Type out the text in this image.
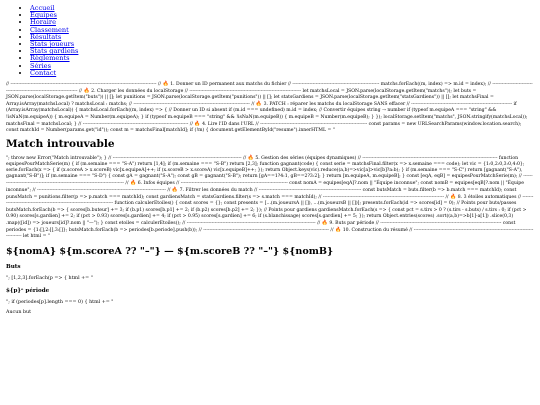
• Accueil
• Équipes
• Horaire
• Classement
• Résultats
• Stats joueurs
• Stats gardiens
• Règlements
• Séries
• Contact
// ---------------------------------------------------------------------------------------------- // 🔥 1. Donner un ID permanent aux matchs du fichier // -------------------------------------------------------- matchs.forEach((m, index) => m.id = index); // ------------------------------------------------------------------------ // 🔥 2. Charger les données du localStorage // ------------------------------------------------------------------------ let matchsLocal = JSON.parse(localStorage.getItem("matchs")); let buts = JSON.parse(localStorage.getItem("buts")) || []; let punitions = JSON.parse(localStorage.getItem("punitions")) || []; let statsGardiens = JSON.parse(localStorage.getItem("statsGardiens")) || []; let matchsFinal = Array.isArray(matchsLocal) ? matchsLocal : matchs; // --------------------------------------------------------------------------- // 🔥 3. PATCH : réparer les matchs du localStorage SANS effacer // ----------------------------------------------------------------- if (Array.isArray(matchsLocal)) { matchsLocal.forEach((m, index) => { // Donner un ID si absent if (m.id === undefined) m.id = index; // Convertir équipes string → number if (typeof m.equipeA === "string" && !isNaN(m.equipeA)) { m.equipeA = Number(m.equipeA); } if (typeof m.equipeB === "string" && !isNaN(m.equipeB)) { m.equipeB = Number(m.equipeB); } }); localStorage.setItem("matchs", JSON.stringify(matchsLocal)); matchsFinal = matchsLocal; } // -------------------------------------------------------------------- // 🔥 4. Lire l'ID dans l'URL // --------------------------------------------------------------------- const params = new URLSearchParams(window.location.search); const matchId = Number(params.get("id")); const m = matchsFinal[matchId]; if (!m) { document.getElementById("resume").innerHTML = "
Match introuvable
"; throw new Error("Match introuvable"); } // ----------------------------------------------------------------------------------- // 🔥 5. Gestion des séries (équipes dynamiques) // --------------------------------------------------------------------------------------- function equipesPourMatchSerie(m) { if (m.semaine === "S-A") return [1,4]; if (m.semaine === "S-B") return [2,3]; function gagnant(code) { const serie = matchsFinal.filter(x => x.semaine === code); let vic = {1:0,2:0,3:0,4:0}; serie.forEach(x => { if (x.scoreA > x.scoreB) vic[x.equipeA]++; if (x.scoreB > x.scoreA) vic[x.equipeB]++; }); return Object.keys(vic).reduce((a,b)=>vic[a]>vic[b]?a:b); } if (m.semaine === "S-C") return [gagnant("S-A"), gagnant("S-B")]; if (m.semaine === "S-D") { const gA = gagnant("S-A"); const gB = gagnant("S-B"); return [gA==1?4:1, gB==2?3:2]; } return [m.equipeA, m.equipeB]; } const [eqA, eqB] = equipesPourMatchSerie(m); // ---------------------------------------------------------------------------------- // 🔥 6. Infos équipes // --------------------------------------------------------------------- const nomA = equipes[eqA]?.nom || "Équipe inconnue"; const nomB = equipes[eqB]?.nom || "Équipe inconnue"; // ----------------------------------------------------------------------------------- // 🔥 7. Filtrer les données du match // ------------------------------------------------------------------ const butsMatch = buts.filter(b => b.match === matchId); const punsMatch = punitions.filter(p => p.match === matchId); const gardiensMatch = statsGardiens.filter(s => s.match === matchId); // ------------------------------------------------------------------------------ // 🔥 8. 3 étoiles automatiques // ---------------------------------------------------------------------------- function calculerEtoiles() { const scores = {}; const presents = [...(m.joueursA || []), ...(m.joueursB || [])]; presents.forEach(id => scores[id] = 0); // Points pour buts/passes butsMatch.forEach(b => { scores[b.buteur] += 3; if (b.p1) scores[b.p1] += 2; if (b.p2) scores[b.p2] += 2; }); // Points pour gardiens gardiensMatch.forEach(s => { const pct = s.tirs > 0 ? (s.tirs - s.buts) / s.tirs : 0; if (pct > 0.90) scores[s.gardien] += 2; if (pct > 0.93) scores[s.gardien] += 4; if (pct > 0.95) scores[s.gardien] += 6; if (s.blanchissage) scores[s.gardien] += 5; }); return Object.entries(scores) .sort((a,b)=>b[1]-a[1]) .slice(0,3) .map(([id]) => joueurs[id]?.nom || "—"); } const etoiles = calculerEtoiles(); // ----------------------------------------------------------------------------------- // 🔥 9. Buts par période // ------------------------------------------------------------------------------ const periodes = {1:[],2:[],3:[]}; butsMatch.forEach(b => periodes[b.periode].push(b)); // --------------------------------------------------------------------------------- // 🔥 10. Construction du résumé // --------------------------------------------------------------------------------------- let html = "
${nomA} ${m.scoreA ?? "–"} — ${m.scoreB ?? "–"} ${nomB}
Buts

"; [1,2,3].forEach(p => { html += "

${p}ᵉ période

"; if (periodes[p].length === 0) { html += "

Aucun but
